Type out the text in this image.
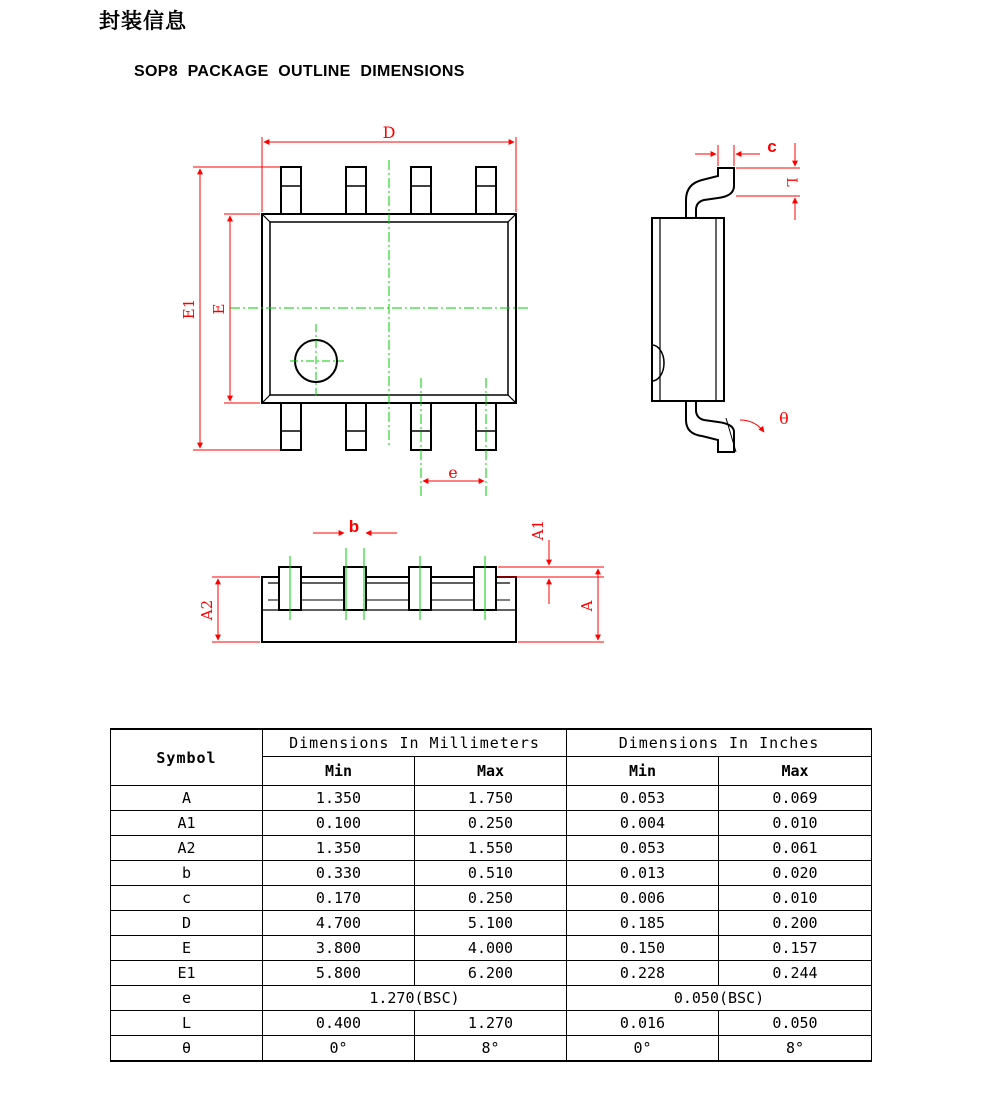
封装信息
SOP8 PACKAGE OUTLINE DIMENSIONS
D
E1 E
e
c
L
θ
b	A1
A
A2
Symbol	Dimensions In Millimeters		Dimensions In Inches	
	Min	Max	Min	Max
A	1.350	1.750	0.053	0.069
A1	0.100	0.250	0.004	0.010
A2	1.350	1.550	0.053	0.061
b	0.330	0.510	0.013	0.020
c	0.170	0.250	0.006	0.010
D	4.700	5.100	0.185	0.200
E	3.800	4.000	0.150	0.157
E1	5.800	6.200	0.228	0.244
e	1.270(BSC)		0.050(BSC)	
L	0.400	1.270	0.016	0.050
θ	0°	8°	0°	8°
